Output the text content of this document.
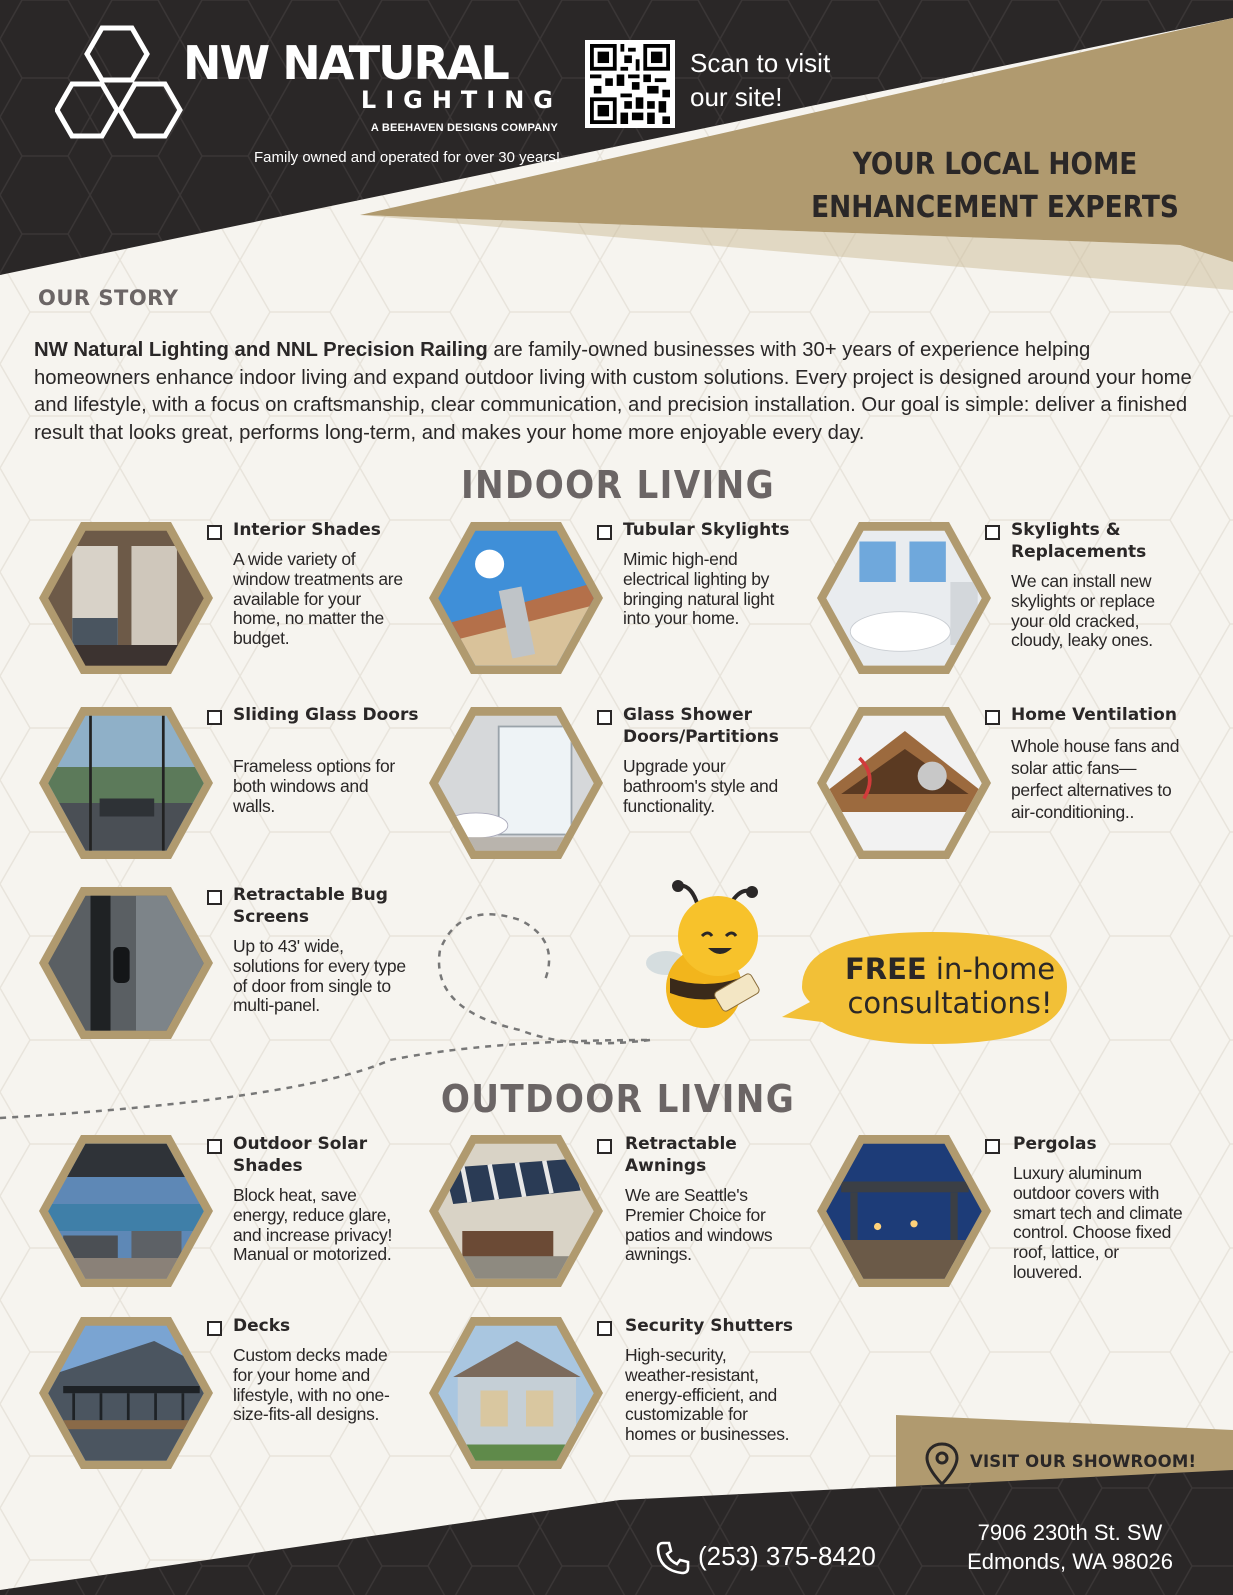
NW NATURAL
LIGHTING
A BEEHAVEN DESIGNS COMPANY
Family owned and operated for over 30 years!
Scan to visit
our site!
YOUR LOCAL HOME
ENHANCEMENT EXPERTS
OUR STORY
NW Natural Lighting and NNL Precision Railing are family-owned businesses with 30+ years of experience helping homeowners enhance indoor living and expand outdoor living with custom solutions. Every project is designed around your home and lifestyle, with a focus on craftsmanship, clear communication, and precision installation. Our goal is simple: deliver a finished result that looks great, performs long-term, and makes your home more enjoyable every day.
INDOOR LIVING
Interior Shades
A wide variety of window treatments are available for your home, no matter the budget.
Tubular Skylights
Mimic high-end electrical lighting by bringing natural light into your home.
Skylights & Replacements
We can install new skylights or replace your old cracked, cloudy, leaky ones.
Sliding Glass Doors
Frameless options for both windows and walls.
Glass Shower Doors/Partitions
Upgrade your bathroom's style and functionality.
Home Ventilation
Whole house fans and solar attic fans—perfect alternatives to air-conditioning..
Retractable Bug Screens
Up to 43' wide, solutions for every type of door from single to multi-panel.
FREE in-home
consultations!
OUTDOOR LIVING
Outdoor Solar Shades
Block heat, save energy, reduce glare, and increase privacy! Manual or motorized.
Retractable Awnings
We are Seattle's Premier Choice for patios and windows awnings.
Pergolas
Luxury aluminum outdoor covers with smart tech and climate control. Choose fixed roof, lattice, or louvered.
Decks
Custom decks made for your home and lifestyle, with no one-size-fits-all designs.
Security Shutters
High-security, weather-resistant, energy-efficient, and customizable for homes or businesses.
VISIT OUR SHOWROOM!
(253) 375-8420
7906 230th St. SW
Edmonds, WA 98026
